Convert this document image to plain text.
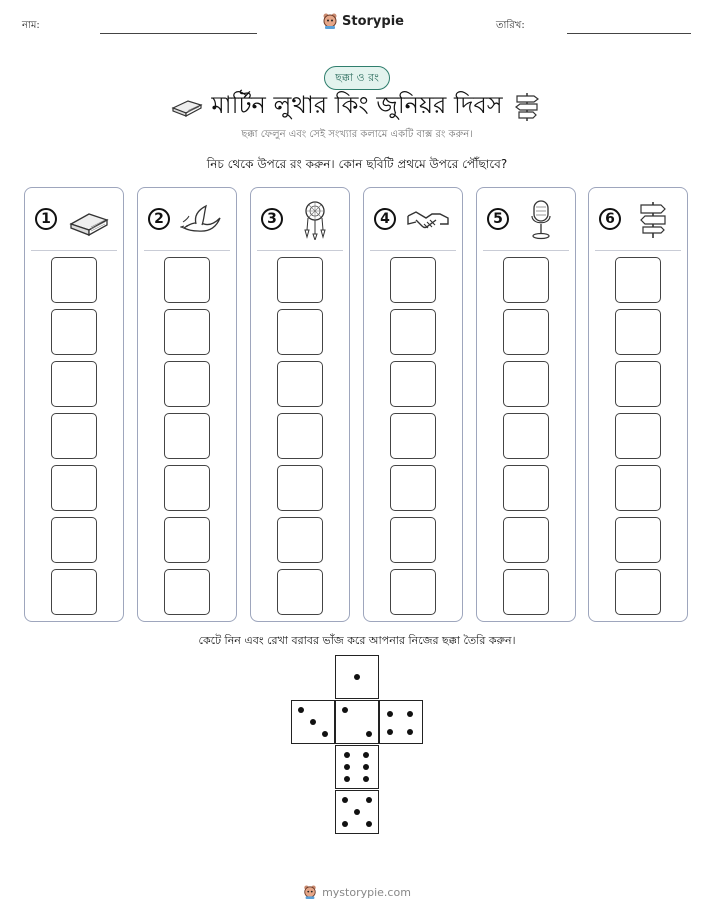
নাম:	Storypie	তারিখ:
ছক্কা ও রং
মার্টিন লুথার কিং জুনিয়র দিবস
ছক্কা ফেলুন এবং সেই সংখ্যার কলামে একটি বাক্স রং করুন।
নিচ থেকে উপরে রং করুন। কোন ছবিটি প্রথমে উপরে পৌঁছাবে?
1	2	3	4	5	6
কেটে নিন এবং রেখা বরাবর ভাঁজ করে আপনার নিজের ছক্কা তৈরি করুন।
mystorypie.com
